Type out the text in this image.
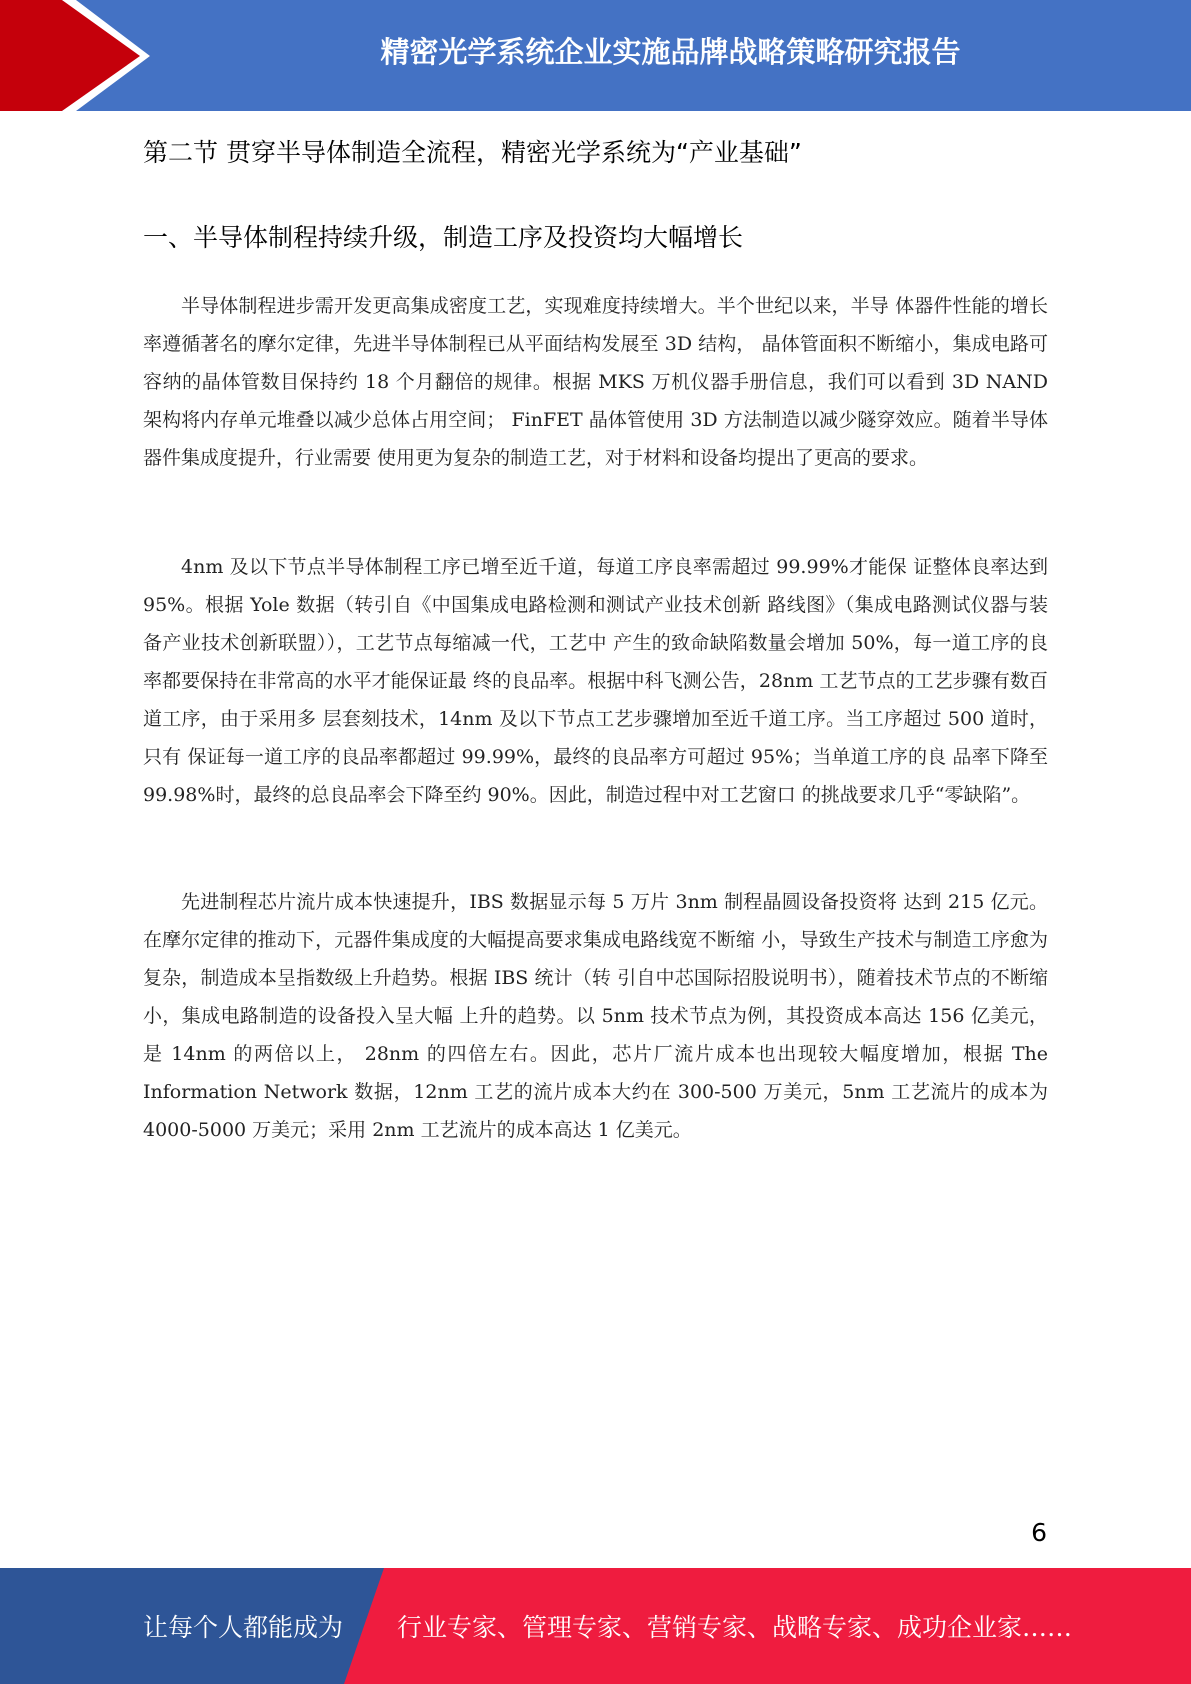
精密光学系统企业实施品牌战略策略研究报告
第二节 贯穿半导体制造全流程，精密光学系统为“产业基础”
一、半导体制程持续升级，制造工序及投资均大幅增长

半导体制程进步需开发更高集成密度工艺，实现难度持续增大。半个世纪以来，半导 体器件性能的增长率遵循著名的摩尔定律，先进半导体制程已从平面结构发展至 3D 结构， 晶体管面积不断缩小，集成电路可容纳的晶体管数目保持约 18 个月翻倍的规律。根据 MKS 万机仪器手册信息，我们可以看到 3D NAND 架构将内存单元堆叠以减少总体占用空间； FinFET 晶体管使用 3D 方法制造以减少隧穿效应。随着半导体器件集成度提升，行业需要 使用更为复杂的制造工艺，对于材料和设备均提出了更高的要求。

4nm 及以下节点半导体制程工序已增至近千道，每道工序良率需超过 99.99%才能保 证整体良率达到 95%。根据 Yole 数据（转引自《中国集成电路检测和测试产业技术创新 路线图》（集成电路测试仪器与装备产业技术创新联盟）），工艺节点每缩减一代，工艺中 产生的致命缺陷数量会增加 50%，每一道工序的良率都要保持在非常高的水平才能保证最 终的良品率。根据中科飞测公告，28nm 工艺节点的工艺步骤有数百道工序，由于采用多 层套刻技术，14nm 及以下节点工艺步骤增加至近千道工序。当工序超过 500 道时，只有 保证每一道工序的良品率都超过 99.99%，最终的良品率方可超过 95%；当单道工序的良 品率下降至 99.98%时，最终的总良品率会下降至约 90%。因此，制造过程中对工艺窗口 的挑战要求几乎“零缺陷”。

先进制程芯片流片成本快速提升，IBS 数据显示每 5 万片 3nm 制程晶圆设备投资将 达到 215 亿元。在摩尔定律的推动下，元器件集成度的大幅提高要求集成电路线宽不断缩 小，导致生产技术与制造工序愈为复杂，制造成本呈指数级上升趋势。根据 IBS 统计（转 引自中芯国际招股说明书），随着技术节点的不断缩小，集成电路制造的设备投入呈大幅 上升的趋势。以 5nm 技术节点为例，其投资成本高达 156 亿美元，是 14nm 的两倍以上， 28nm 的四倍左右。因此，芯片厂流片成本也出现较大幅度增加，根据 The Information Network 数据，12nm 工艺的流片成本大约在 300-500 万美元，5nm 工艺流片的成本为 4000-5000 万美元；采用 2nm 工艺流片的成本高达 1 亿美元。

6
让每个人都能成为 行业专家、管理专家、营销专家、战略专家、成功企业家……
